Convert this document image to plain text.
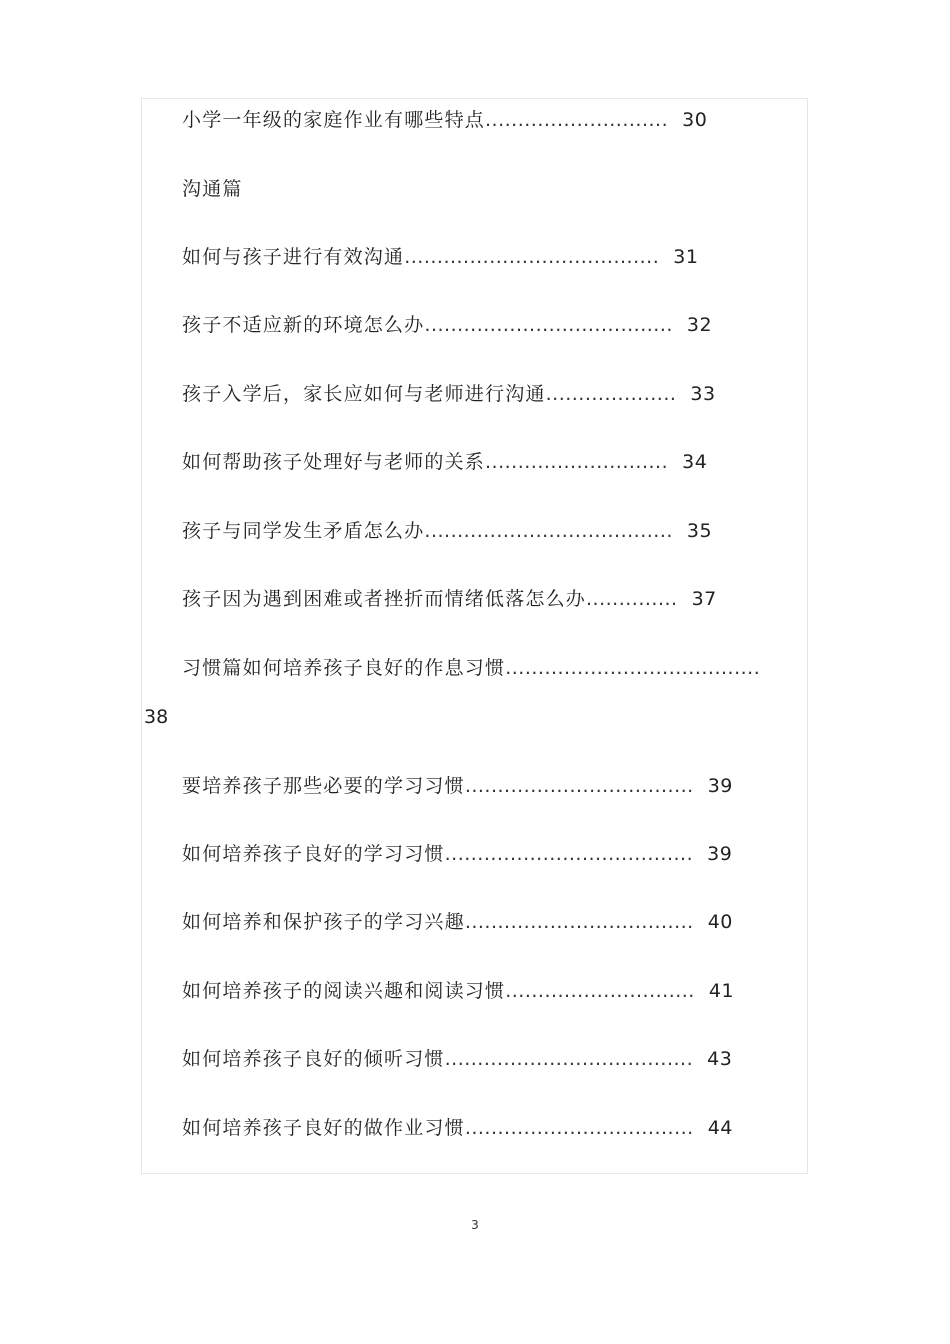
小学一年级的家庭作业有哪些特点............................ 30
沟通篇
如何与孩子进行有效沟通....................................... 31
孩子不适应新的环境怎么办...................................... 32
孩子入学后，家长应如何与老师进行沟通.................... 33
如何帮助孩子处理好与老师的关系............................ 34
孩子与同学发生矛盾怎么办...................................... 35
孩子因为遇到困难或者挫折而情绪低落怎么办.............. 37
习惯篇如何培养孩子良好的作息习惯.......................................
38
要培养孩子那些必要的学习习惯................................... 39
如何培养孩子良好的学习习惯...................................... 39
如何培养和保护孩子的学习兴趣................................... 40
如何培养孩子的阅读兴趣和阅读习惯............................. 41
如何培养孩子良好的倾听习惯...................................... 43
如何培养孩子良好的做作业习惯................................... 44
3
